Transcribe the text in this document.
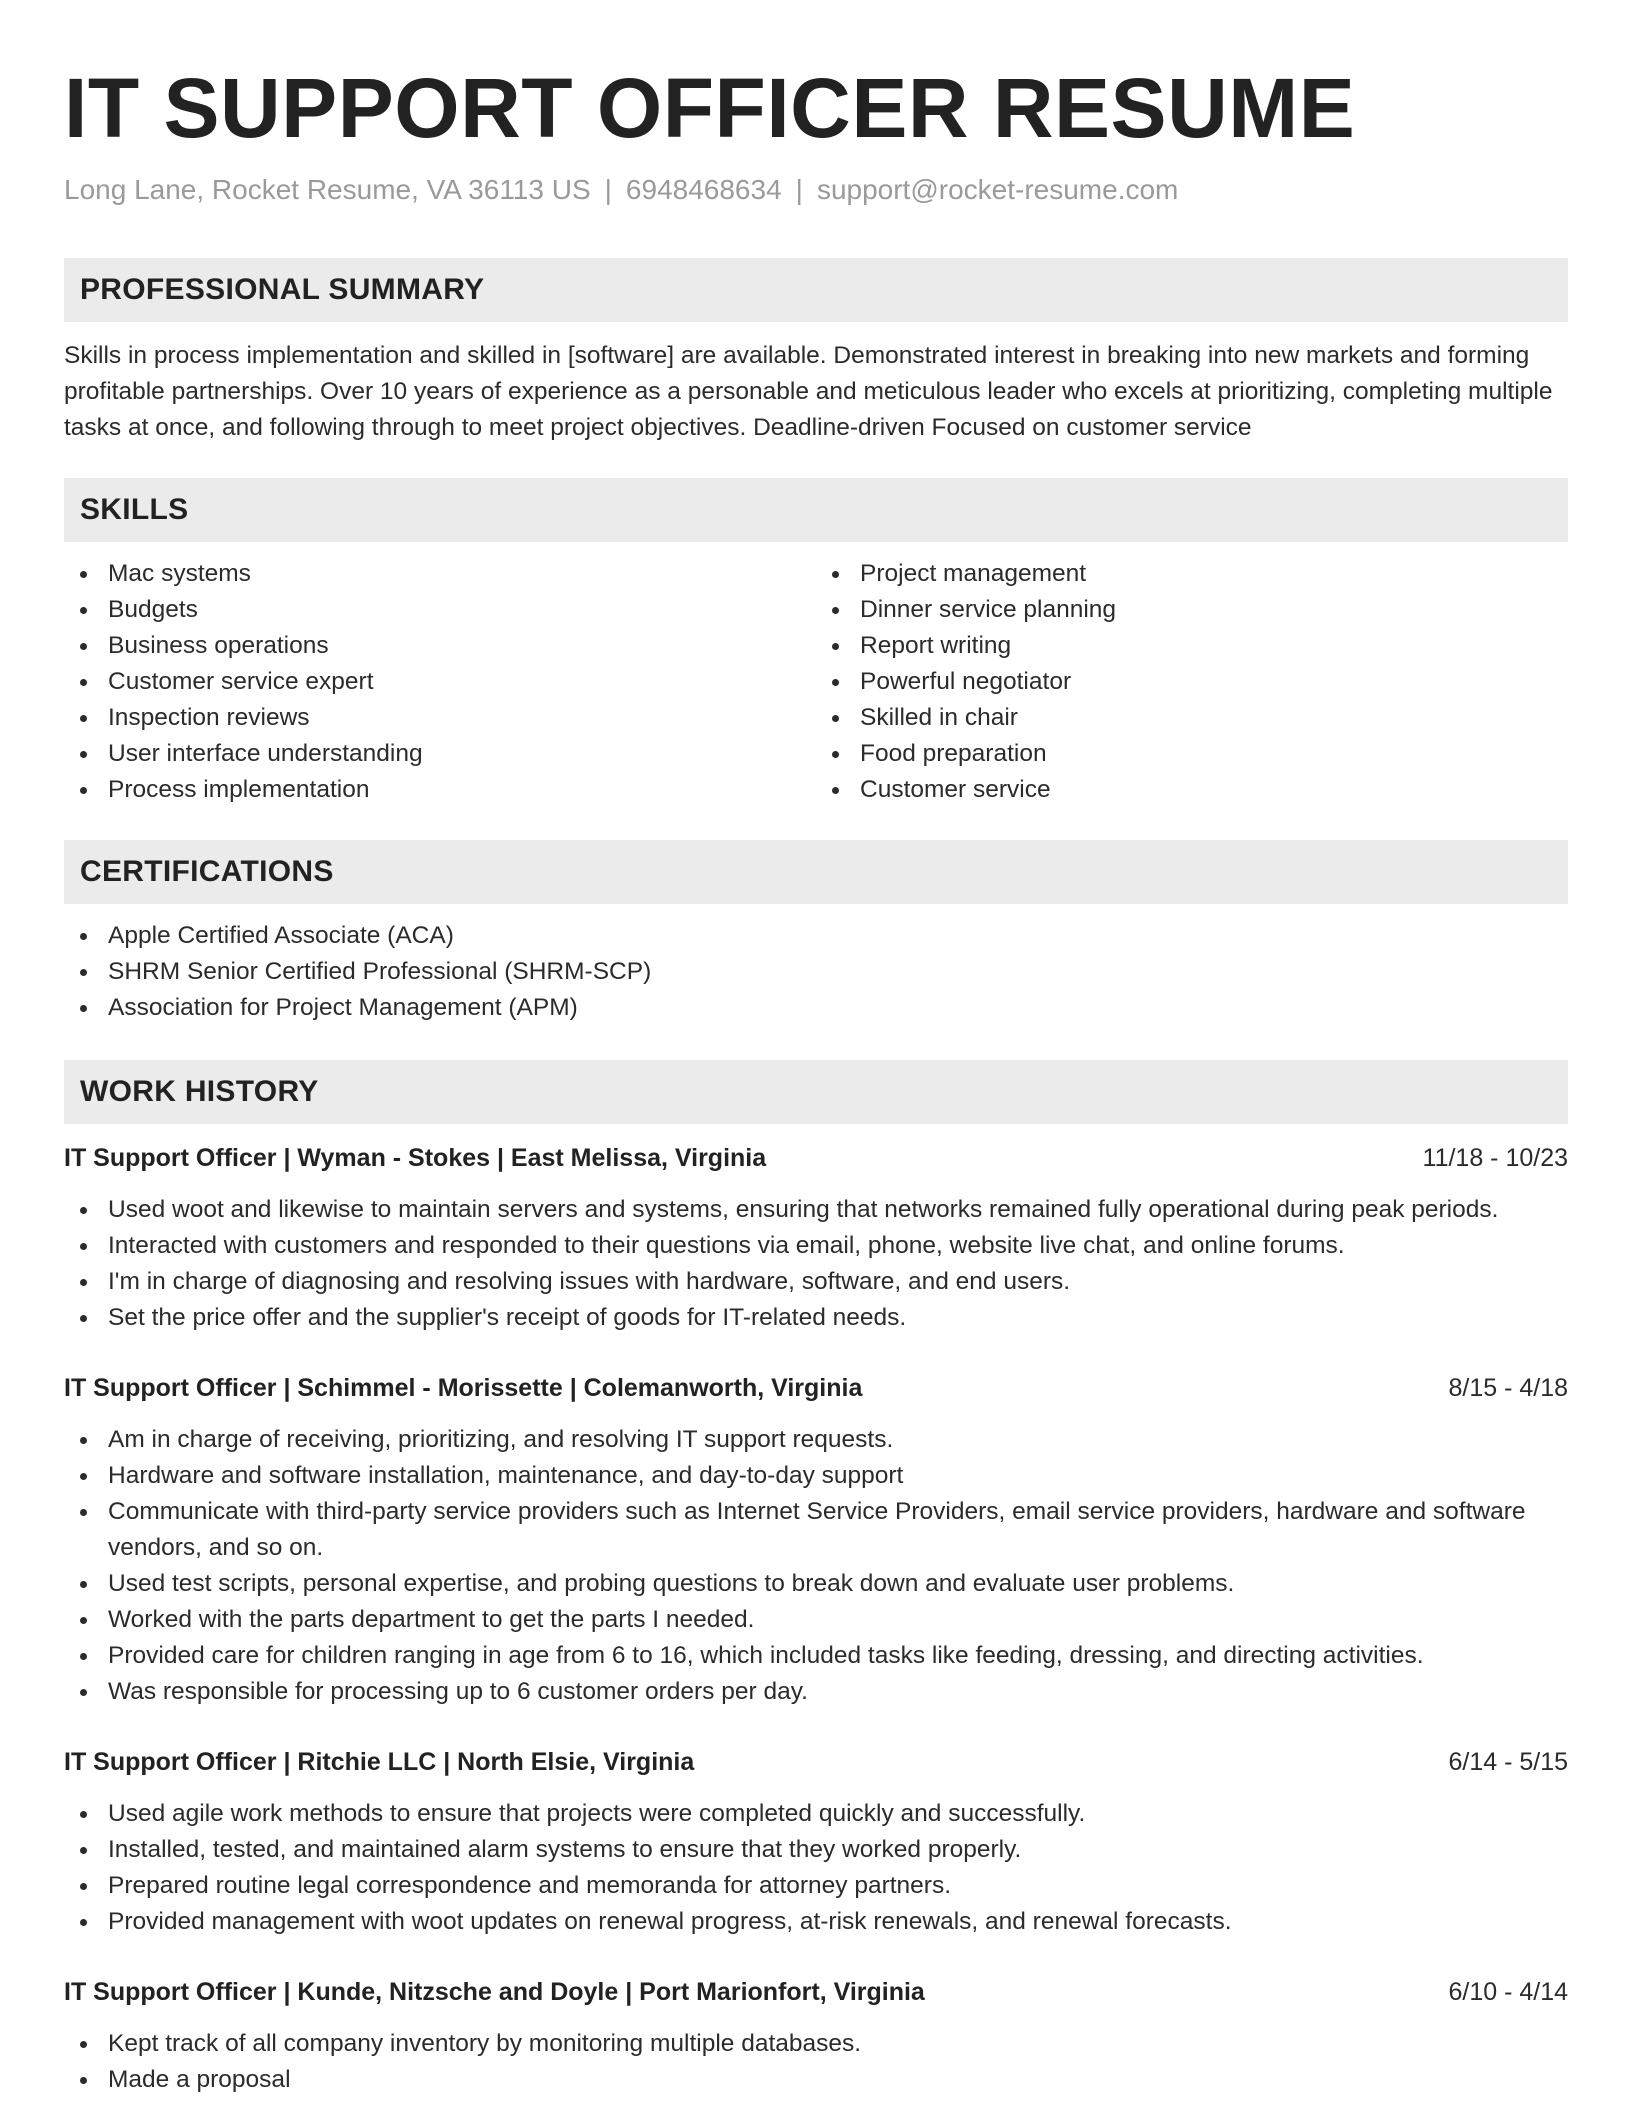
IT SUPPORT OFFICER RESUME
Long Lane, Rocket Resume, VA 36113 US | 6948468634 | support@rocket-resume.com
PROFESSIONAL SUMMARY

Skills in process implementation and skilled in [software] are available. Demonstrated interest in breaking into new markets and forming profitable partnerships. Over 10 years of experience as a personable and meticulous leader who excels at prioritizing, completing multiple tasks at once, and following through to meet project objectives. Deadline-driven Focused on customer service

SKILLS
Mac systems
Budgets
Business operations
Customer service expert
Inspection reviews
User interface understanding
Process implementation
Project management
Dinner service planning
Report writing
Powerful negotiator
Skilled in chair
Food preparation
Customer service
CERTIFICATIONS
Apple Certified Associate (ACA)
SHRM Senior Certified Professional (SHRM-SCP)
Association for Project Management (APM)
WORK HISTORY
IT Support Officer | Wyman - Stokes | East Melissa, Virginia	11/18 - 10/23
Used woot and likewise to maintain servers and systems, ensuring that networks remained fully operational during peak periods.
Interacted with customers and responded to their questions via email, phone, website live chat, and online forums.
I'm in charge of diagnosing and resolving issues with hardware, software, and end users.
Set the price offer and the supplier's receipt of goods for IT-related needs.
IT Support Officer | Schimmel - Morissette | Colemanworth, Virginia	8/15 - 4/18
Am in charge of receiving, prioritizing, and resolving IT support requests.
Hardware and software installation, maintenance, and day-to-day support
Communicate with third-party service providers such as Internet Service Providers, email service providers, hardware and software vendors, and so on.
Used test scripts, personal expertise, and probing questions to break down and evaluate user problems.
Worked with the parts department to get the parts I needed.
Provided care for children ranging in age from 6 to 16, which included tasks like feeding, dressing, and directing activities.
Was responsible for processing up to 6 customer orders per day.
IT Support Officer | Ritchie LLC | North Elsie, Virginia	6/14 - 5/15
Used agile work methods to ensure that projects were completed quickly and successfully.
Installed, tested, and maintained alarm systems to ensure that they worked properly.
Prepared routine legal correspondence and memoranda for attorney partners.
Provided management with woot updates on renewal progress, at-risk renewals, and renewal forecasts.
IT Support Officer | Kunde, Nitzsche and Doyle | Port Marionfort, Virginia	6/10 - 4/14
Kept track of all company inventory by monitoring multiple databases.
Made a proposal
